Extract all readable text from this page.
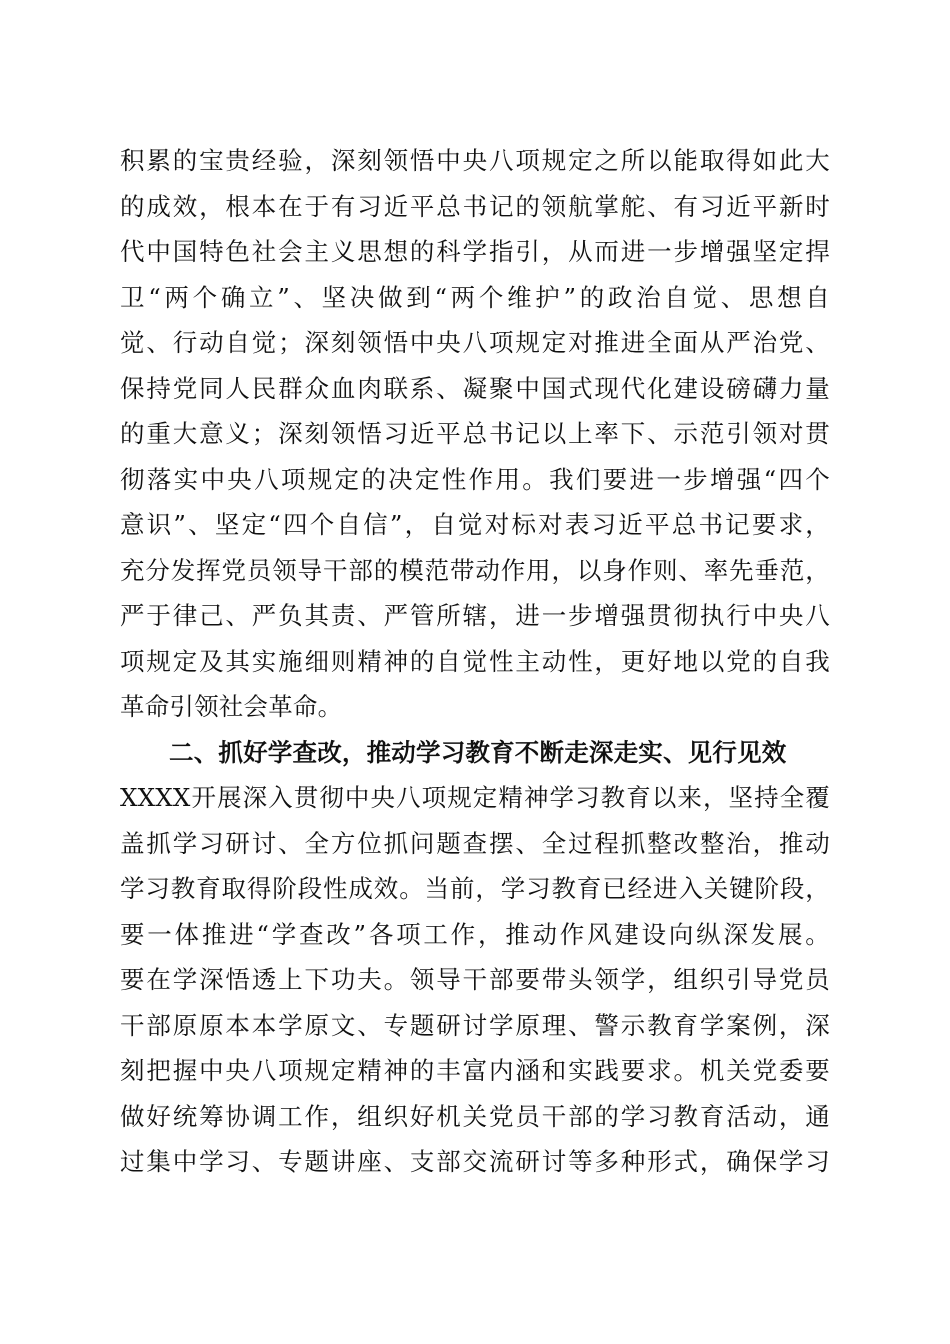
积累的宝贵经验，深刻领悟中央八项规定之所以能取得如此大
的成效，根本在于有习近平总书记的领航掌舵、有习近平新时
代中国特色社会主义思想的科学指引，从而进一步增强坚定捍
卫“两个确立”、坚决做到“两个维护”的政治自觉、思想自
觉、行动自觉；深刻领悟中央八项规定对推进全面从严治党、
保持党同人民群众血肉联系、凝聚中国式现代化建设磅礴力量
的重大意义；深刻领悟习近平总书记以上率下、示范引领对贯
彻落实中央八项规定的决定性作用。我们要进一步增强“四个
意识”、坚定“四个自信”，自觉对标对表习近平总书记要求，
充分发挥党员领导干部的模范带动作用，以身作则、率先垂范，
严于律己、严负其责、严管所辖，进一步增强贯彻执行中央八
项规定及其实施细则精神的自觉性主动性，更好地以党的自我
革命引领社会革命。
二、抓好学查改，推动学习教育不断走深走实、见行见效
XXXX开展深入贯彻中央八项规定精神学习教育以来，坚持全覆
盖抓学习研讨、全方位抓问题查摆、全过程抓整改整治，推动
学习教育取得阶段性成效。当前，学习教育已经进入关键阶段，
要一体推进“学查改”各项工作，推动作风建设向纵深发展。
要在学深悟透上下功夫。领导干部要带头领学，组织引导党员
干部原原本本学原文、专题研讨学原理、警示教育学案例，深
刻把握中央八项规定精神的丰富内涵和实践要求。机关党委要
做好统筹协调工作，组织好机关党员干部的学习教育活动，通
过集中学习、专题讲座、支部交流研讨等多种形式，确保学习
